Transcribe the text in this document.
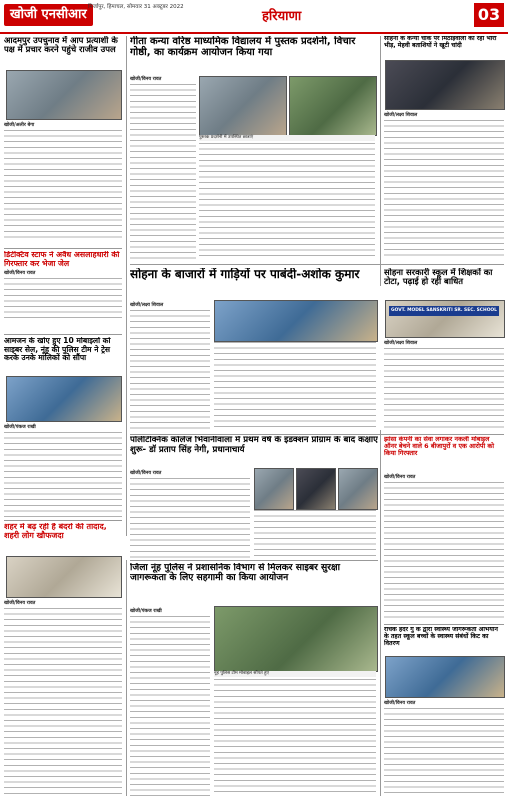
खोजी एनसीआर मिर्जापुर, हिमाचल, सोमवार 31 अक्टूबर 2022
हरियाणा	03
आदमपुर उपचुनाव में आप प्रत्याशी के पक्ष में प्रचार करने पहुंचे राजीव उपल
खोजी/अलीर बेगा
डिटेक्टिव स्टाफ ने अवैध असलाहधारी की गिरफ्तार कर भेजा जेल
खोजी/विनय रावत
आमजन के खोए हुए 10 मोबाइलों को साइबर सेल, नूंह की पुलिस टीम ने ट्रेस करके उनके मालिकों को सौंपा
खोजी/पंकज राखी
शहर में बढ़ रही है बंदरों की तादाद, शहरी लोग खौफजदा
खोजी/विनय रावत
गीता कन्या वरिष्ठ माध्यमिक विद्यालय में पुस्तक प्रदर्शनी, विचार गोष्ठी, का कार्यक्रम आयोजन किया गया
खोजी/विनय रावत
पुस्तक प्रदर्शनी में उपस्थित छात्राएं
सोहना के कन्या चौक पर मिठाईवालों की रही भारी भीड़, मेहवी बताशियों ने खूटी चांदी
खोजी/लक्ष्य शिवाल
सोहना के बाजारों में गाड़ियों पर पाबंदी-अशोक कुमार
खोजी/लक्ष्य शिवाल
सोहना सरकारी स्कूल में शिक्षकों का टोटा, पढ़ाई हो रही बाधित
GOVT. MODEL SANSKRITI SR. SEC. SCHOOL
खोजी/लक्ष्य शिवाल
पॉलीटेक्निक कॉलेज भिवानीवाला में प्रथम वर्ष के इंडक्शन प्रोग्राम के बाद कक्षाएं शुरू- डॉ प्रताप सिंह नेगी, प्रधानाचार्य
खोजी/विनय रावत
झांसा कंपनी का सेवा लगाकर नकली मोबाइल ऑनर बेचने वाले 6 बीजापुरों व एक आरोपी को किया गिरफ्तार
खोजी/विनय रावत
जिला नूंह पुलिस ने प्रशासनिक विभाग से मिलकर साइबर सुरक्षा जागरूकता के लिए सहगामी का किया आयोजन
खोजी/पंकज राखी
नूंह पुलिस टीम मोबाइल सौंपते हुए
रोचक हंदर गु के द्वारा स्वास्थ्य जागरूकता अभियान के तहत स्कूल बच्चों के स्वास्थ्य संबंधों किट का वितरण
खोजी/विनय रावत
